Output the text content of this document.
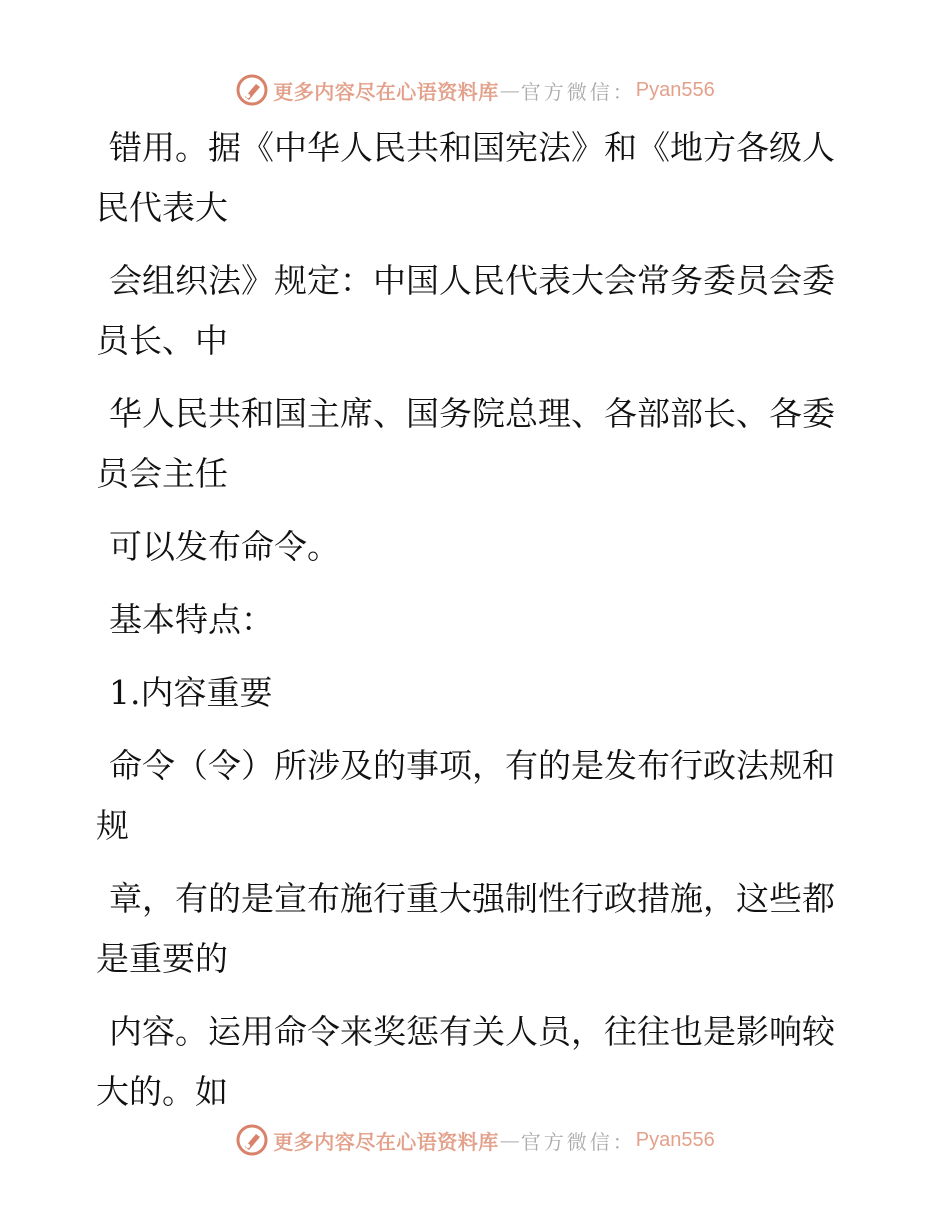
更多内容尽在心语资料库 — 官方微信： Pyan556

错用。据《中华人民共和国宪法》和《地方各级人民代表大

会组织法》规定：中国人民代表大会常务委员会委员长、中

华人民共和国主席、国务院总理、各部部长、各委员会主任

可以发布命令。

基本特点：

1.内容重要

命令（令）所涉及的事项，有的是发布行政法规和规

章，有的是宣布施行重大强制性行政措施，这些都是重要的

内容。运用命令来奖惩有关人员，往往也是影响较大的。如

更多内容尽在心语资料库 — 官方微信： Pyan556
